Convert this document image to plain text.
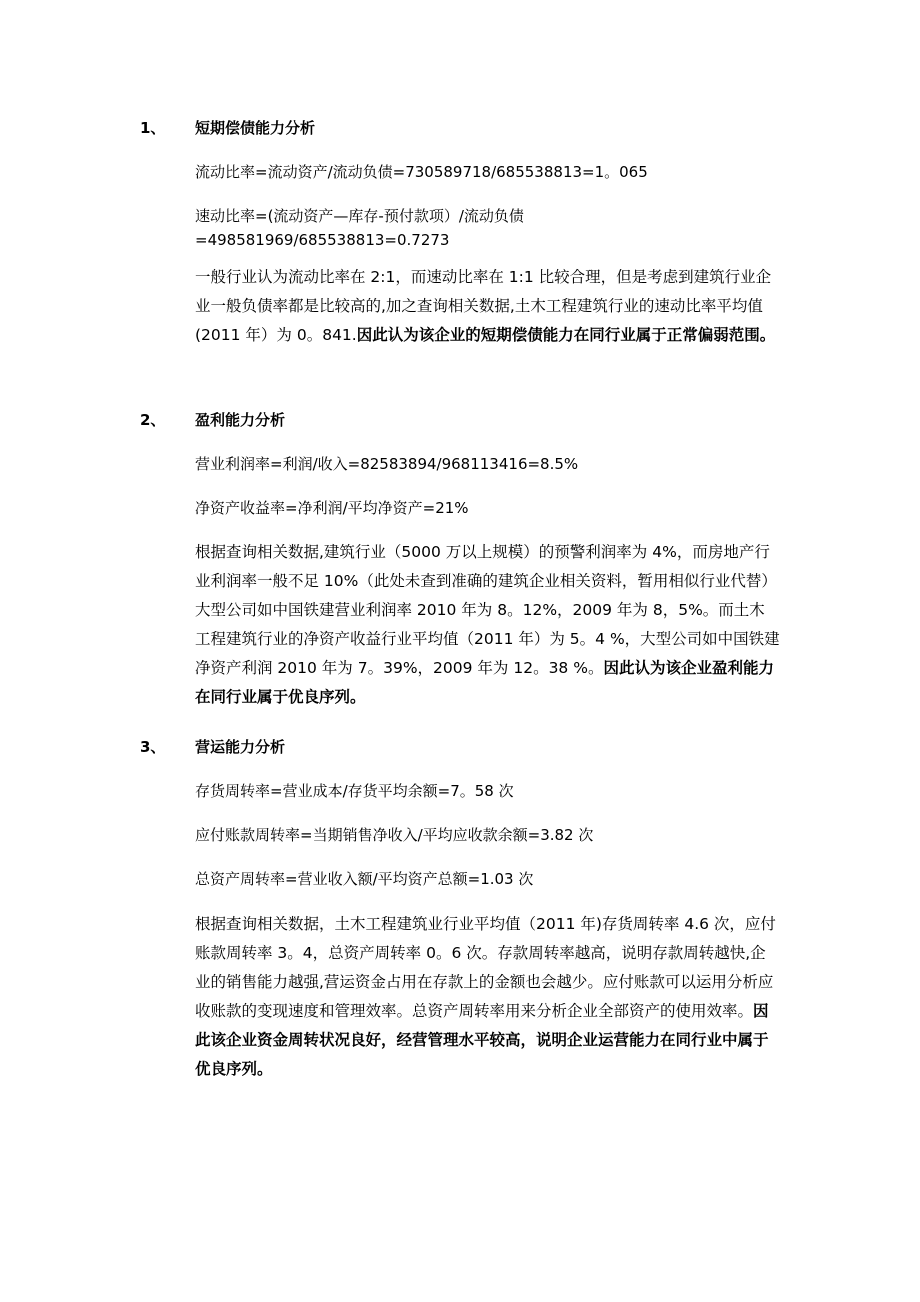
1、 短期偿债能力分析
流动比率=流动资产/流动负债=730589718/685538813=1。065
速动比率=(流动资产—库存-预付款项）/流动负债
=498581969/685538813=0.7273
一般行业认为流动比率在 2:1，而速动比率在 1:1 比较合理，但是考虑到建筑行业企业一般负债率都是比较高的,加之查询相关数据,土木工程建筑行业的速动比率平均值(2011 年）为 0。841.因此认为该企业的短期偿债能力在同行业属于正常偏弱范围。
2、 盈利能力分析
营业利润率=利润/收入=82583894/968113416=8.5%
净资产收益率=净利润/平均净资产=21%
根据查询相关数据,建筑行业（5000 万以上规模）的预警利润率为 4%，而房地产行业利润率一般不足 10%（此处未查到准确的建筑企业相关资料，暂用相似行业代替）大型公司如中国铁建营业利润率 2010 年为 8。12%，2009 年为 8，5%。而土木工程建筑行业的净资产收益行业平均值（2011 年）为 5。4 %，大型公司如中国铁建净资产利润 2010 年为 7。39%，2009 年为 12。38 %。因此认为该企业盈利能力在同行业属于优良序列。
3、 营运能力分析
存货周转率=营业成本/存货平均余额=7。58 次
应付账款周转率=当期销售净收入/平均应收款余额=3.82 次
总资产周转率=营业收入额/平均资产总额=1.03 次
根据查询相关数据，土木工程建筑业行业平均值（2011 年)存货周转率 4.6 次，应付账款周转率 3。4，总资产周转率 0。6 次。存款周转率越高，说明存款周转越快,企业的销售能力越强,营运资金占用在存款上的金额也会越少。应付账款可以运用分析应收账款的变现速度和管理效率。总资产周转率用来分析企业全部资产的使用效率。因此该企业资金周转状况良好，经营管理水平较高，说明企业运营能力在同行业中属于优良序列。
